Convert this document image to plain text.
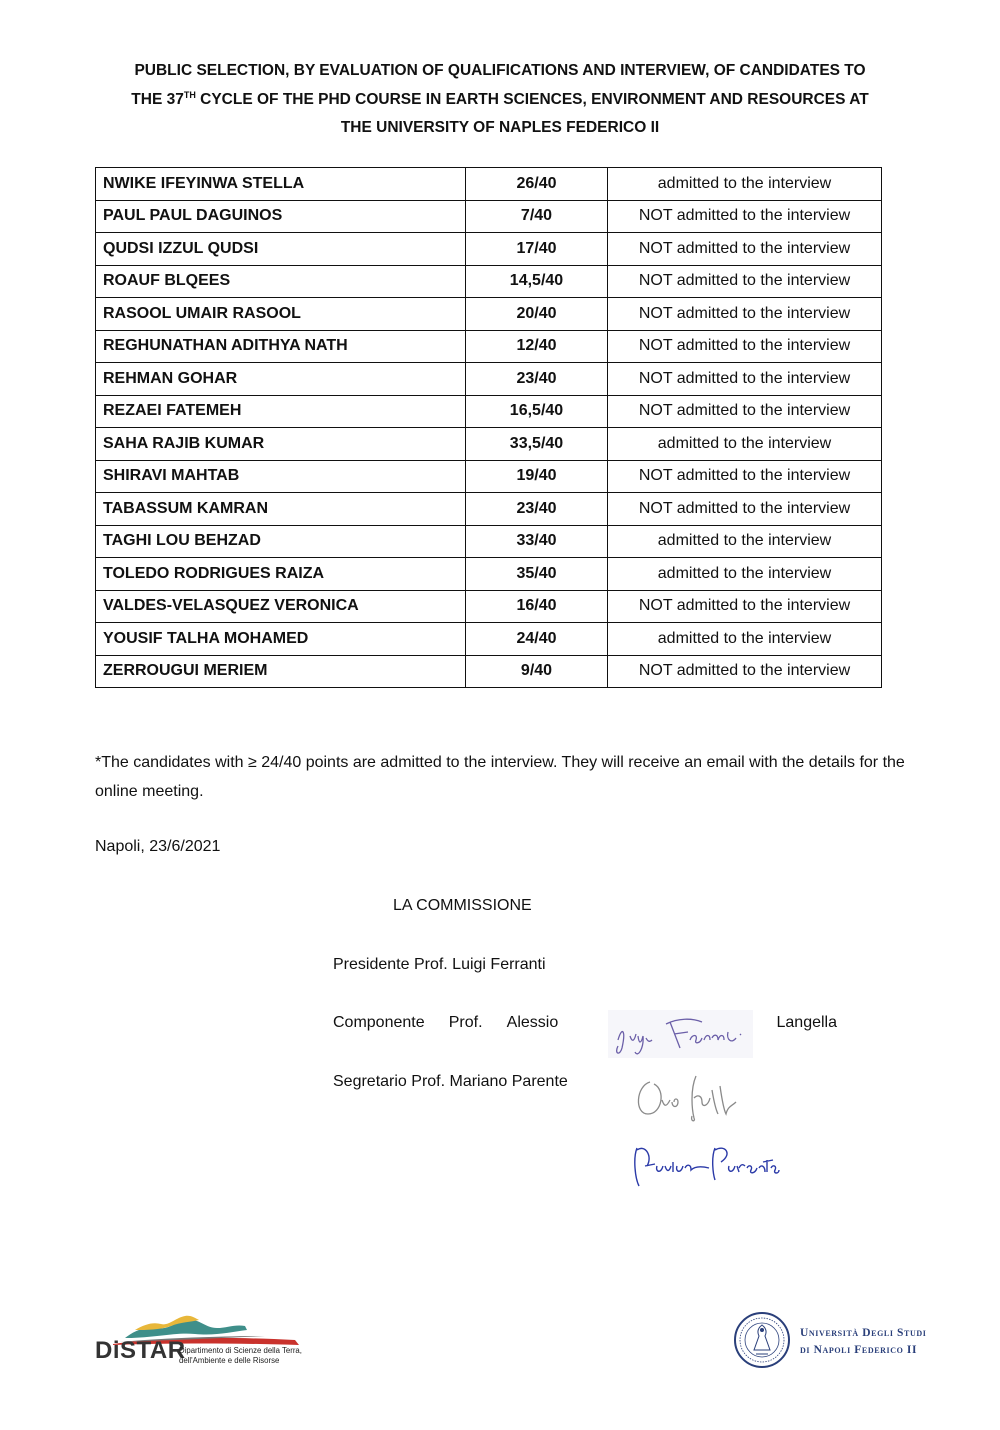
PUBLIC SELECTION, BY EVALUATION OF QUALIFICATIONS AND INTERVIEW, OF CANDIDATES TO
THE 37TH CYCLE OF THE PHD COURSE IN EARTH SCIENCES, ENVIRONMENT AND RESOURCES AT
THE UNIVERSITY OF NAPLES FEDERICO II
NWIKE IFEYINWA STELLA	26/40	admitted to the interview
PAUL PAUL DAGUINOS	7/40	NOT admitted to the interview
QUDSI IZZUL QUDSI	17/40	NOT admitted to the interview
ROAUF BLQEES	14,5/40	NOT admitted to the interview
RASOOL UMAIR RASOOL	20/40	NOT admitted to the interview
REGHUNATHAN ADITHYA NATH	12/40	NOT admitted to the interview
REHMAN GOHAR	23/40	NOT admitted to the interview
REZAEI FATEMEH	16,5/40	NOT admitted to the interview
SAHA RAJIB KUMAR	33,5/40	admitted to the interview
SHIRAVI MAHTAB	19/40	NOT admitted to the interview
TABASSUM KAMRAN	23/40	NOT admitted to the interview
TAGHI LOU BEHZAD	33/40	admitted to the interview
TOLEDO RODRIGUES RAIZA	35/40	admitted to the interview
VALDES-VELASQUEZ VERONICA	16/40	NOT admitted to the interview
YOUSIF TALHA MOHAMED	24/40	admitted to the interview
ZERROUGUI MERIEM	9/40	NOT admitted to the interview
*The candidates with ≥ 24/40 points are admitted to the interview. They will receive an email with the details for the online meeting.
Napoli, 23/6/2021
LA COMMISSIONE
Presidente Prof. Luigi Ferranti
Componente Prof. Alessio	Langella
Segretario Prof. Mariano Parente
DiSTAR
Dipartimento di Scienze della Terra,
dell'Ambiente e delle Risorse
Università Degli Studi
di Napoli Federico II
